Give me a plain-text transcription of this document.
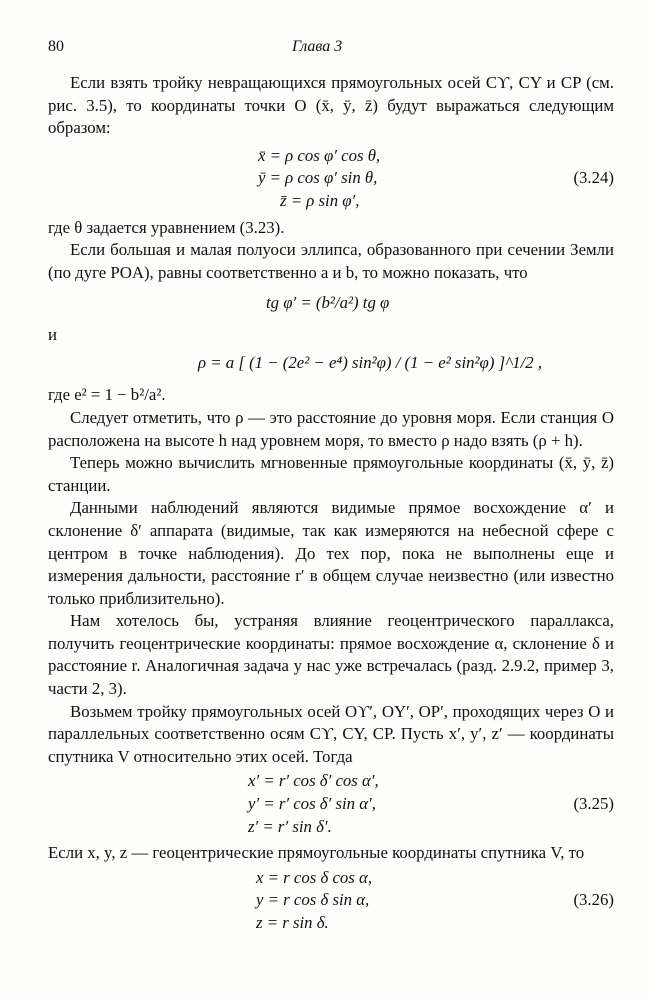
80	Глава 3

Если взять тройку невращающихся прямоугольных осей Cϒ, CY и CP (см. рис. 3.5), то координаты точки O (x̄, ȳ, z̄) будут выражаться следующим образом:

x̄ = ρ cos φ′ cos θ,
ȳ = ρ cos φ′ sin θ,	(3.24)
z̄ = ρ sin φ′,

где θ задается уравнением (3.23).

Если большая и малая полуоси эллипса, образованного при сечении Земли (по дуге POA), равны соответственно a и b, то можно показать, что

tg φ′ = (b²/a²) tg φ
и
ρ = a [ (1 − (2e² − e⁴) sin²φ) / (1 − e² sin²φ) ]^1/2 ,

где e² = 1 − b²/a².

Следует отметить, что ρ — это расстояние до уровня моря. Если станция O расположена на высоте h над уровнем моря, то вместо ρ надо взять (ρ + h).

Теперь можно вычислить мгновенные прямоугольные координаты (x̄, ȳ, z̄) станции.

Данными наблюдений являются видимые прямое восхождение α′ и склонение δ′ аппарата (видимые, так как измеряются на небесной сфере с центром в точке наблюдения). До тех пор, пока не выполнены еще и измерения дальности, расстояние r′ в общем случае неизвестно (или известно только приблизительно).

Нам хотелось бы, устраняя влияние геоцентрического параллакса, получить геоцентрические координаты: прямое восхождение α, склонение δ и расстояние r. Аналогичная задача у нас уже встречалась (разд. 2.9.2, пример 3, части 2, 3).

Возьмем тройку прямоугольных осей Oϒ′, OY′, OP′, проходящих через O и параллельных соответственно осям Cϒ, CY, CP. Пусть x′, y′, z′ — координаты спутника V относительно этих осей. Тогда

x′ = r′ cos δ′ cos α′,
y′ = r′ cos δ′ sin α′,	(3.25)
z′ = r′ sin δ′.

Если x, y, z — геоцентрические прямоугольные координаты спутника V, то

x = r cos δ cos α,
y = r cos δ sin α,	(3.26)
z = r sin δ.
